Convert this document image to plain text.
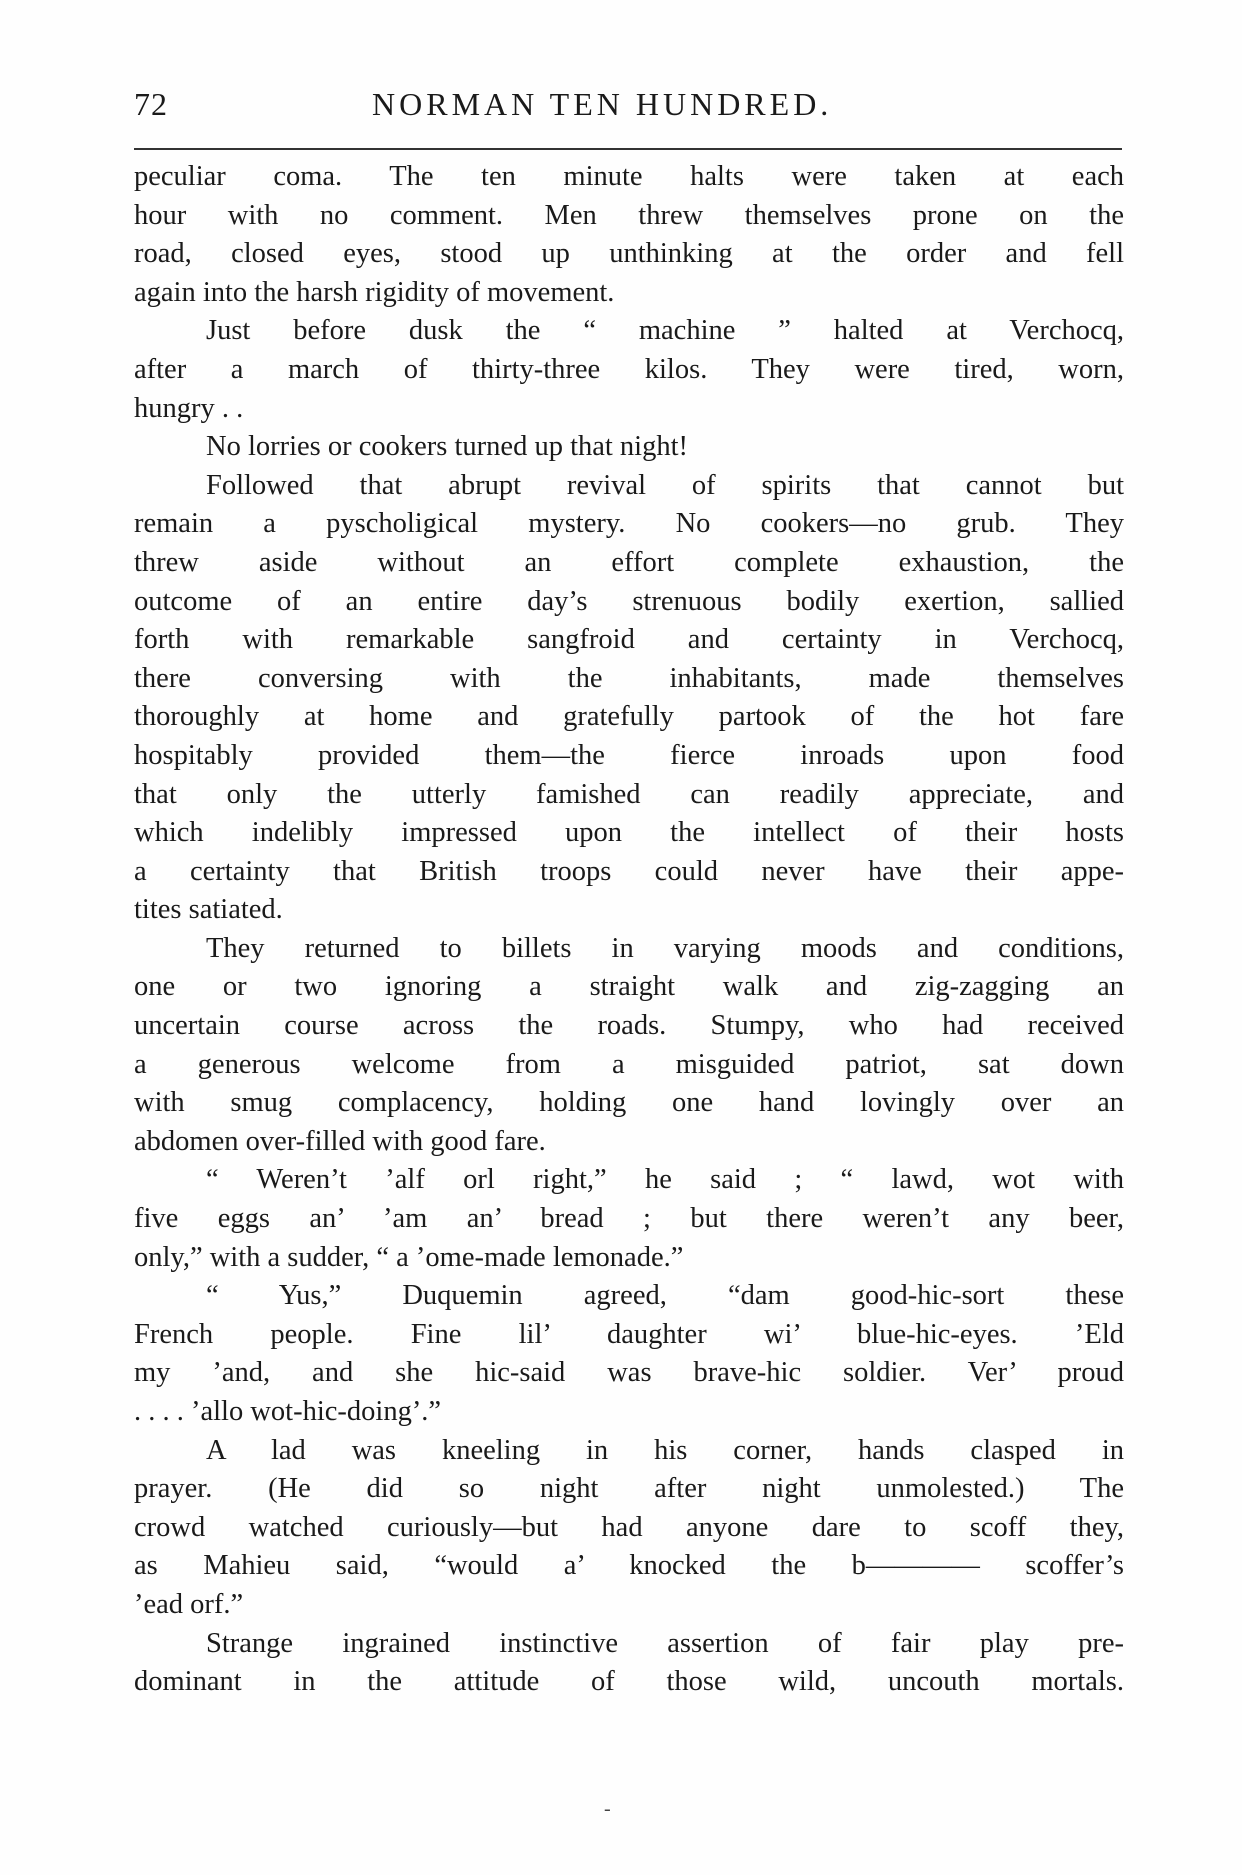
72	NORMAN TEN HUNDRED.
peculiar coma. The ten minute halts were taken at each
hour with no comment. Men threw themselves prone on the
road, closed eyes, stood up unthinking at the order and fell
again into the harsh rigidity of movement.
Just before dusk the “ machine ” halted at Verchocq,
after a march of thirty-three kilos. They were tired, worn,
hungry . .
No lorries or cookers turned up that night!
Followed that abrupt revival of spirits that cannot but
remain a pyscholigical mystery. No cookers—no grub. They
threw aside without an effort complete exhaustion, the
outcome of an entire day’s strenuous bodily exertion, sallied
forth with remarkable sangfroid and certainty in Verchocq,
there conversing with the inhabitants, made themselves
thoroughly at home and gratefully partook of the hot fare
hospitably provided them—the fierce inroads upon food
that only the utterly famished can readily appreciate, and
which indelibly impressed upon the intellect of their hosts
a certainty that British troops could never have their appe-
tites satiated.
They returned to billets in varying moods and conditions,
one or two ignoring a straight walk and zig-zagging an
uncertain course across the roads. Stumpy, who had received
a generous welcome from a misguided patriot, sat down
with smug complacency, holding one hand lovingly over an
abdomen over-filled with good fare.
“ Weren’t ’alf orl right,” he said ; “ lawd, wot with
five eggs an’ ’am an’ bread ; but there weren’t any beer,
only,” with a sudder, “ a ’ome-made lemonade.”
“ Yus,” Duquemin agreed, “dam good-hic-sort these
French people. Fine lil’ daughter wi’ blue-hic-eyes. ’Eld
my ’and, and she hic-said was brave-hic soldier. Ver’ proud
. . . . ’allo wot-hic-doing’.”
A lad was kneeling in his corner, hands clasped in
prayer. (He did so night after night unmolested.) The
crowd watched curiously—but had anyone dare to scoff they,
as Mahieu said, “would a’ knocked the b———— scoffer’s
’ead orf.”
Strange ingrained instinctive assertion of fair play pre-
dominant in the attitude of those wild, uncouth mortals.
-
